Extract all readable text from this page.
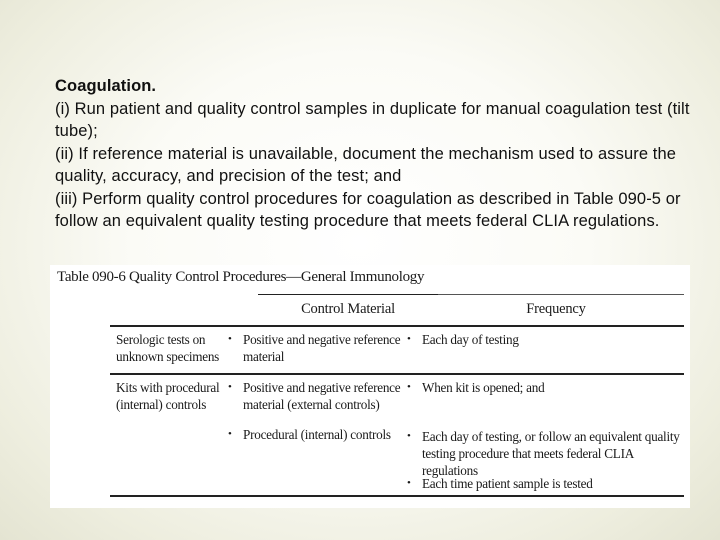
Coagulation.
(i) Run patient and quality control samples in duplicate for manual coagulation test (tilt tube);
(ii) If reference material is unavailable, document the mechanism used to assure the quality, accuracy, and precision of the test; and
(iii) Perform quality control procedures for coagulation as described in Table 090-5 or follow an equivalent quality testing procedure that meets federal CLIA regulations.
Table 090-6 Quality Control Procedures—General Immunology
Control Material	Frequency
Serologic tests on
unknown specimens
• Positive and negative reference
material
• Each day of testing
Kits with procedural
(internal) controls
• Positive and negative reference
material (external controls)
• Procedural (internal) controls
• When kit is opened; and
• Each day of testing, or follow an equivalent quality
testing procedure that meets federal CLIA regulations
• Each time patient sample is tested
